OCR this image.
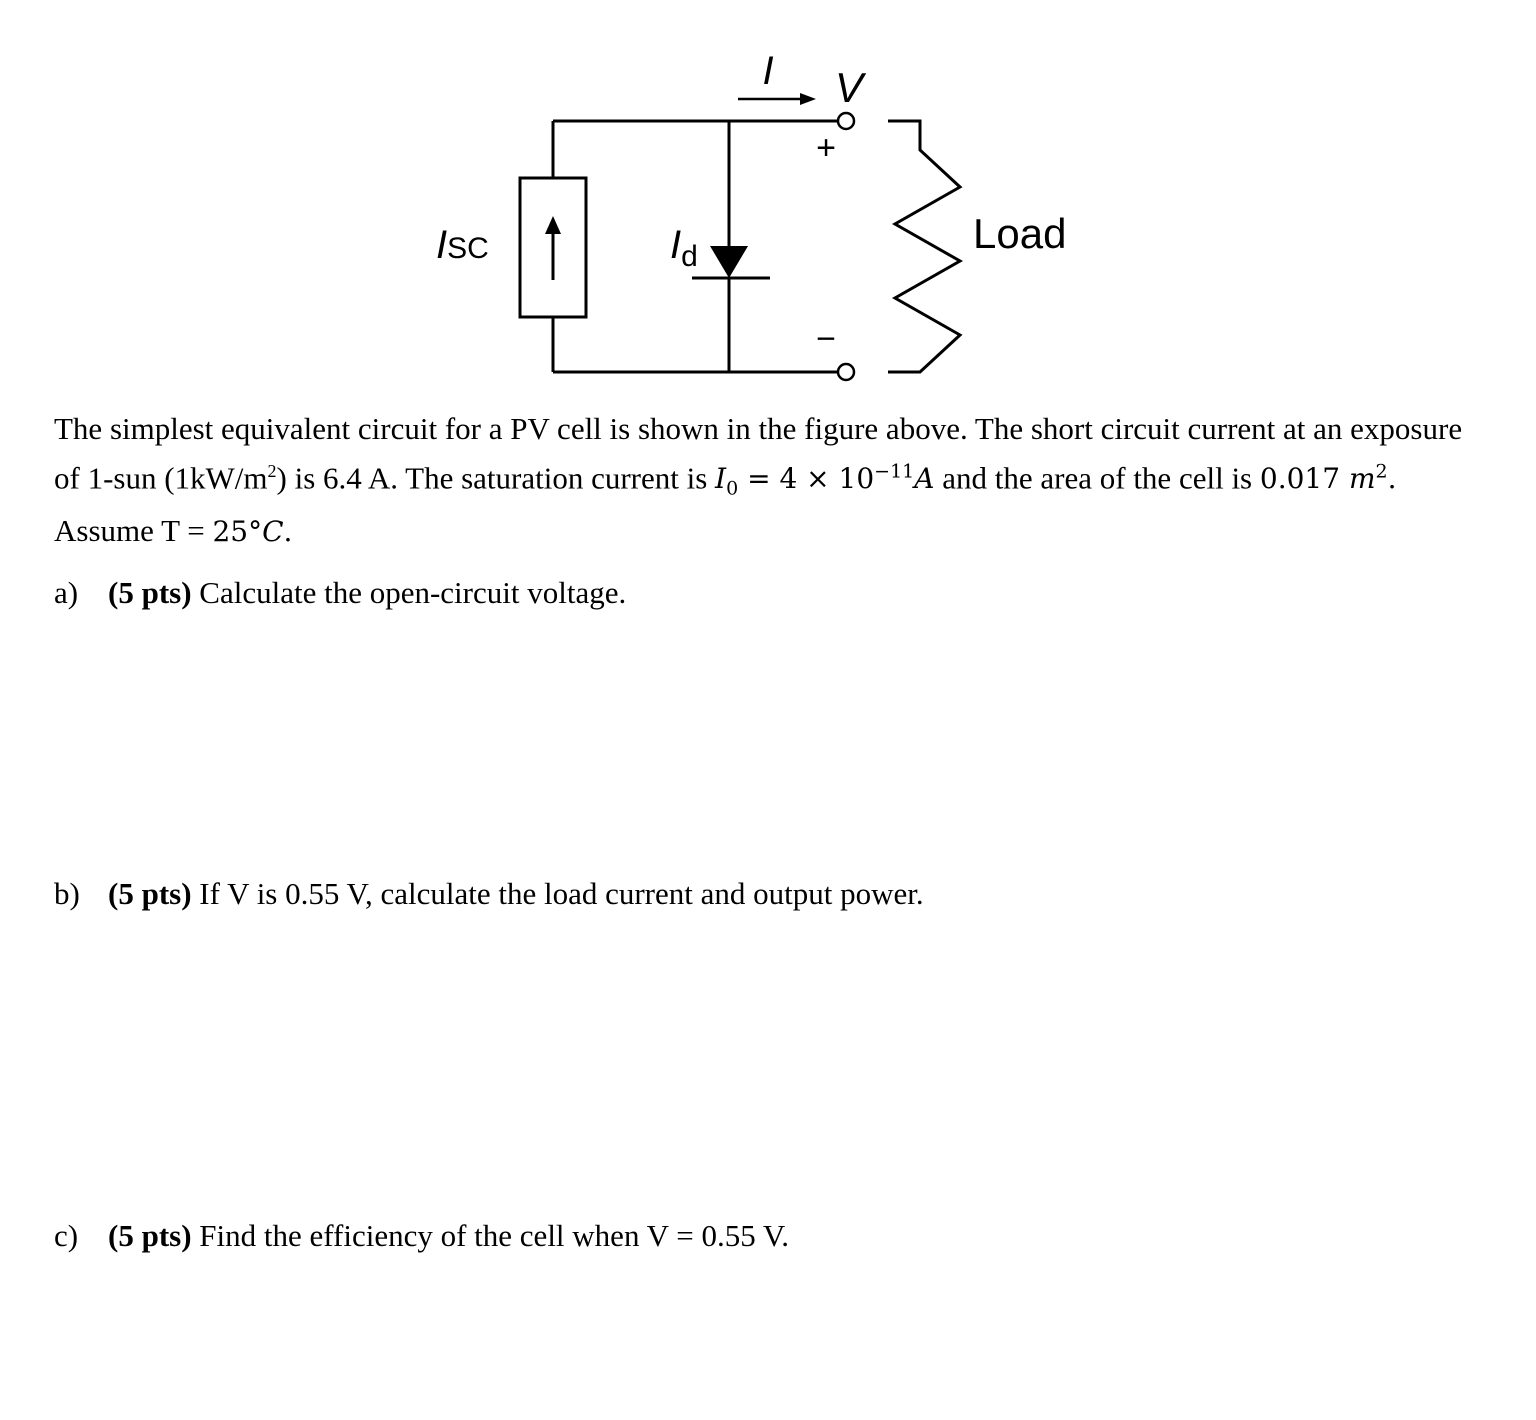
I V
+
−
ISC	$I_d$	Load

The simplest equivalent circuit for a PV cell is shown in the figure above. The short circuit current at an exposure of 1-sun $(1kW/m^2)$ is 6.4 A. The saturation current is $I_0 = 4 \times 10^{-11}A$ and the area of the cell is 0.017 $m^2$. Assume T = 25°C.

a) (5 pts) Calculate the open-circuit voltage.

b) (5 pts) If V is 0.55 V, calculate the load current and output power.

c) (5 pts) Find the efficiency of the cell when V = 0.55 V.
